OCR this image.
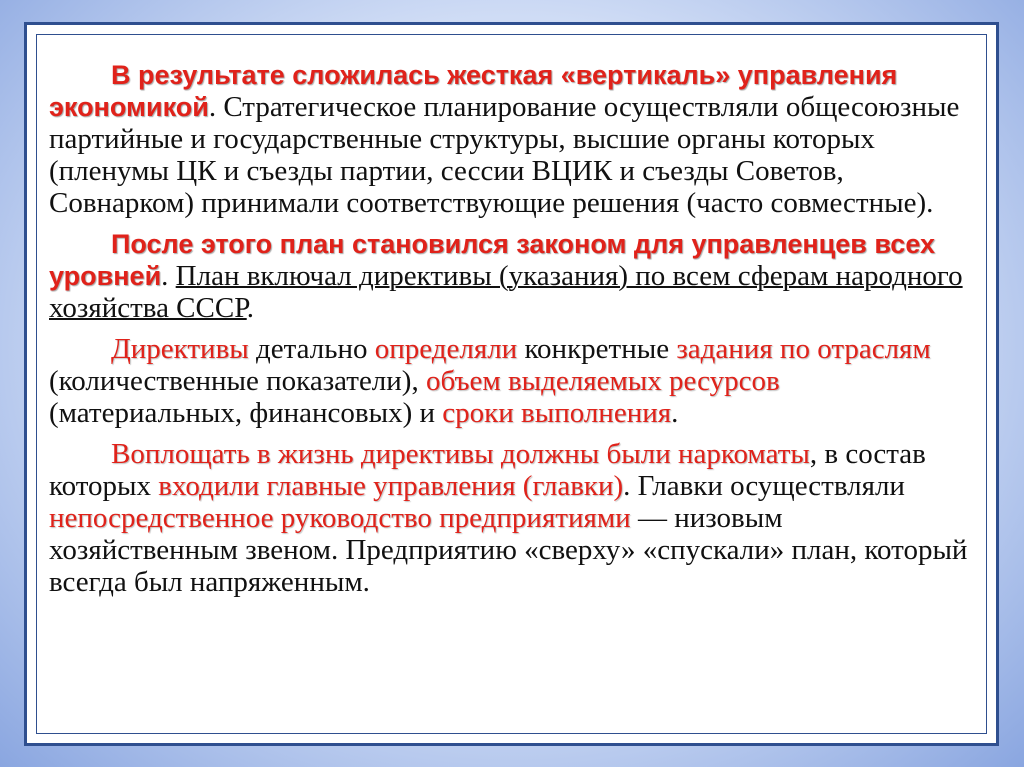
В результате сложилась жесткая «вертикаль» управления экономикой. Стратегическое планирование осуществляли общесоюзные партийные и государственные структуры, высшие органы которых (пленумы ЦК и съезды партии, сессии ВЦИК и съезды Советов, Совнарком) принимали соответствующие решения (часто совместные).

После этого план становился законом для управленцев всех уровней. План включал директивы (указания) по всем сферам народного хозяйства СССР.

Директивы детально определяли конкретные задания по отраслям (количественные показатели), объем выделяемых ресурсов (материальных, финансовых) и сроки выполнения.

Воплощать в жизнь директивы должны были наркоматы, в состав которых входили главные управления (главки). Главки осуществляли непосредственное руководство предприятиями — низовым хозяйственным звеном. Предприятию «сверху» «спускали» план, который всегда был напряженным.
